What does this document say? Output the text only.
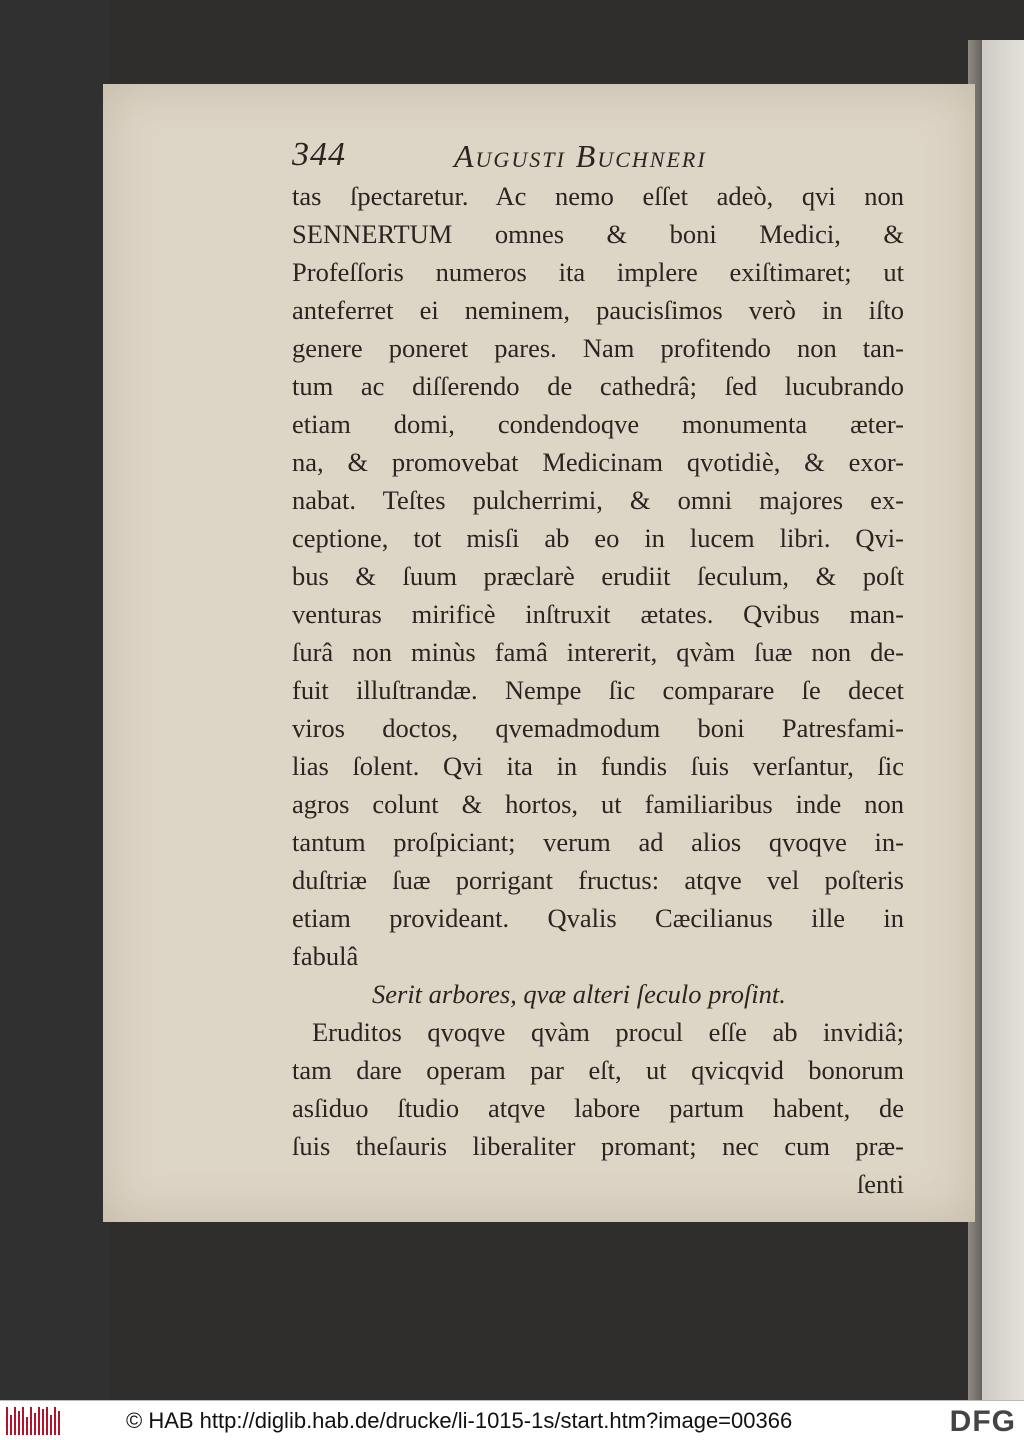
344	Augusti Buchneri
tas ſpectaretur. Ac nemo eſſet adeò, qvi non
SENNERTUM omnes & boni Medici, &
Profeſſoris numeros ita implere exiſtimaret; ut
anteferret ei neminem, paucisſimos verò in iſto
genere poneret pares. Nam profitendo non tan-
tum ac diſſerendo de cathedrâ; ſed lucubrando
etiam domi, condendoqve monumenta æter-
na, & promovebat Medicinam qvotidiè, & exor-
nabat. Teſtes pulcherrimi, & omni majores ex-
ceptione, tot misſi ab eo in lucem libri. Qvi-
bus & ſuum præclarè erudiit ſeculum, & poſt
venturas mirificè inſtruxit ætates. Qvibus man-
ſurâ non minùs famâ intererit, qvàm ſuæ non de-
fuit illuſtrandæ. Nempe ſic comparare ſe decet
viros doctos, qvemadmodum boni Patresfami-
lias ſolent. Qvi ita in fundis ſuis verſantur, ſic
agros colunt & hortos, ut familiaribus inde non
tantum proſpiciant; verum ad alios qvoqve in-
duſtriæ ſuæ porrigant fructus: atqve vel poſteris
etiam provideant. Qvalis Cæcilianus ille in
fabulâ
Serit arbores, qvæ alteri ſeculo proſint.
Eruditos qvoqve qvàm procul eſſe ab invidiâ;
tam dare operam par eſt, ut qvicqvid bonorum
asſiduo ſtudio atqve labore partum habent, de
ſuis theſauris liberaliter promant; nec cum præ-
ſenti
© HAB http://diglib.hab.de/drucke/li-1015-1s/start.htm?image=00366	DFG
